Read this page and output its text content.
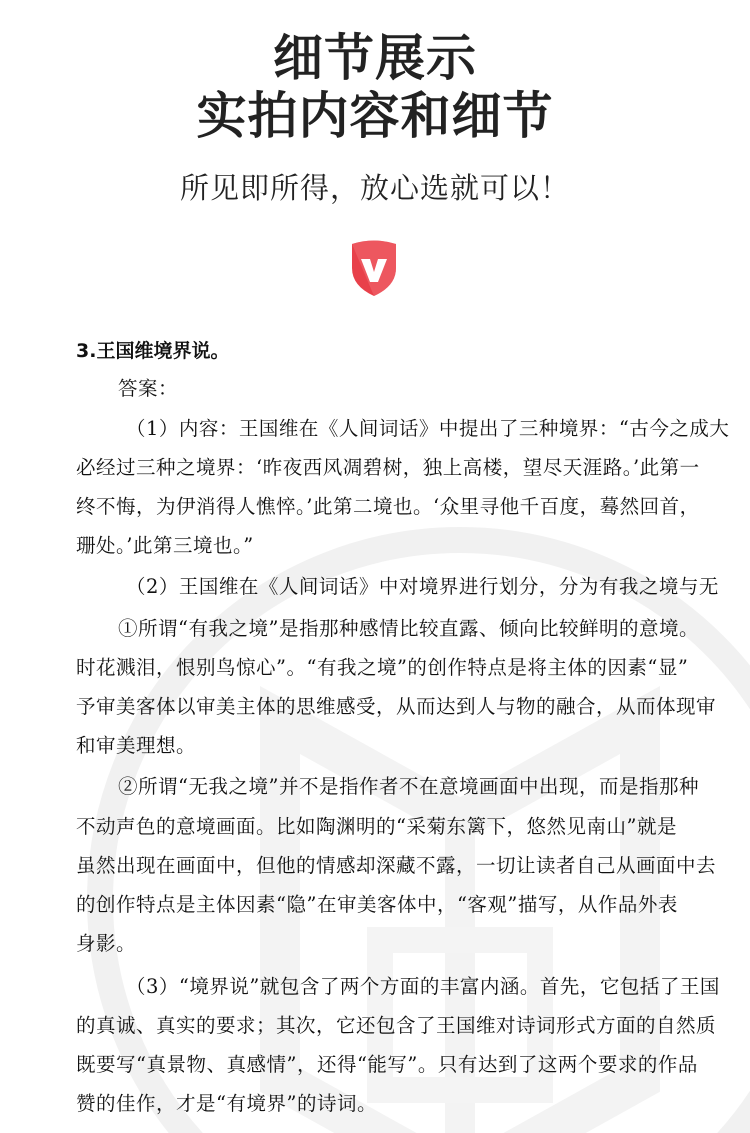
细节展示
实拍内容和细节
所见即所得，放心选就可以！
3.王国维境界说。
答案：
（1）内容：王国维在《人间词话》中提出了三种境界：“古今之成大
必经过三种之境界：‘昨夜西风凋碧树，独上高楼，望尽天涯路。’此第一
终不悔，为伊消得人憔悴。’此第二境也。‘众里寻他千百度，蓦然回首，
珊处。’此第三境也。”
（2）王国维在《人间词话》中对境界进行划分，分为有我之境与无
①所谓“有我之境”是指那种感情比较直露、倾向比较鲜明的意境。
时花溅泪，恨别鸟惊心”。“有我之境”的创作特点是将主体的因素“显”
予审美客体以审美主体的思维感受，从而达到人与物的融合，从而体现审
和审美理想。
②所谓“无我之境”并不是指作者不在意境画面中出现，而是指那种
不动声色的意境画面。比如陶渊明的“采菊东篱下，悠然见南山”就是
虽然出现在画面中，但他的情感却深藏不露，一切让读者自己从画面中去
的创作特点是主体因素“隐”在审美客体中，“客观”描写，从作品外表
身影。
（3）“境界说”就包含了两个方面的丰富内涵。首先，它包括了王国
的真诚、真实的要求；其次，它还包含了王国维对诗词形式方面的自然质
既要写“真景物、真感情”，还得“能写”。只有达到了这两个要求的作品
赞的佳作，才是“有境界”的诗词。
